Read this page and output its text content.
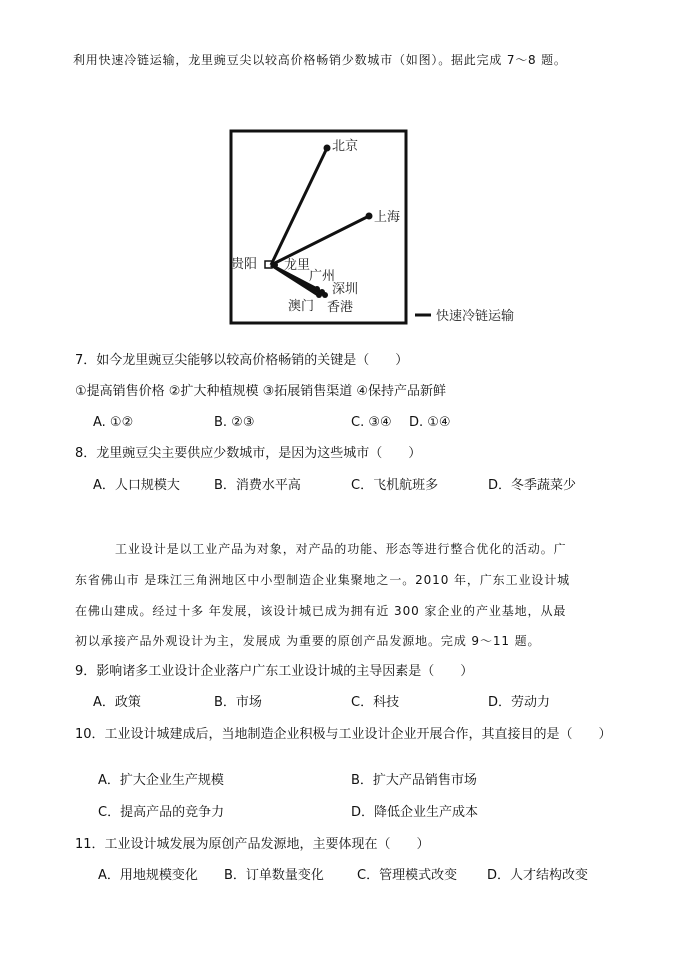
利用快速冷链运输，龙里豌豆尖以较高价格畅销少数城市（如图）。据此完成 7～8 题。
北京
上海
贵阳 龙里
广州
深圳
澳门 香港
快速冷链运输
7．如今龙里豌豆尖能够以较高价格畅销的关键是（　　）
①提高销售价格 ②扩大种植规模 ③拓展销售渠道 ④保持产品新鲜
A. ①②	B. ②③	C. ③④ D. ①④
8．龙里豌豆尖主要供应少数城市，是因为这些城市（　　）
A．人口规模大	B．消费水平高	C．飞机航班多	D．冬季蔬菜少
工业设计是以工业产品为对象，对产品的功能、形态等进行整合优化的活动。广
东省佛山市 是珠江三角洲地区中小型制造企业集聚地之一。2010 年，广东工业设计城
在佛山建成。经过十多 年发展，该设计城已成为拥有近 300 家企业的产业基地，从最
初以承接产品外观设计为主，发展成 为重要的原创产品发源地。完成 9～11 题。
9．影响诸多工业设计企业落户广东工业设计城的主导因素是（　　）
A．政策	B．市场	C．科技	D．劳动力
10．工业设计城建成后，当地制造企业积极与工业设计企业开展合作，其直接目的是（　　）
A．扩大企业生产规模	B．扩大产品销售市场
C．提高产品的竞争力	D．降低企业生产成本
11．工业设计城发展为原创产品发源地，主要体现在（　　）
A．用地规模变化 B．订单数量变化	C．管理模式改变 D．人才结构改变
